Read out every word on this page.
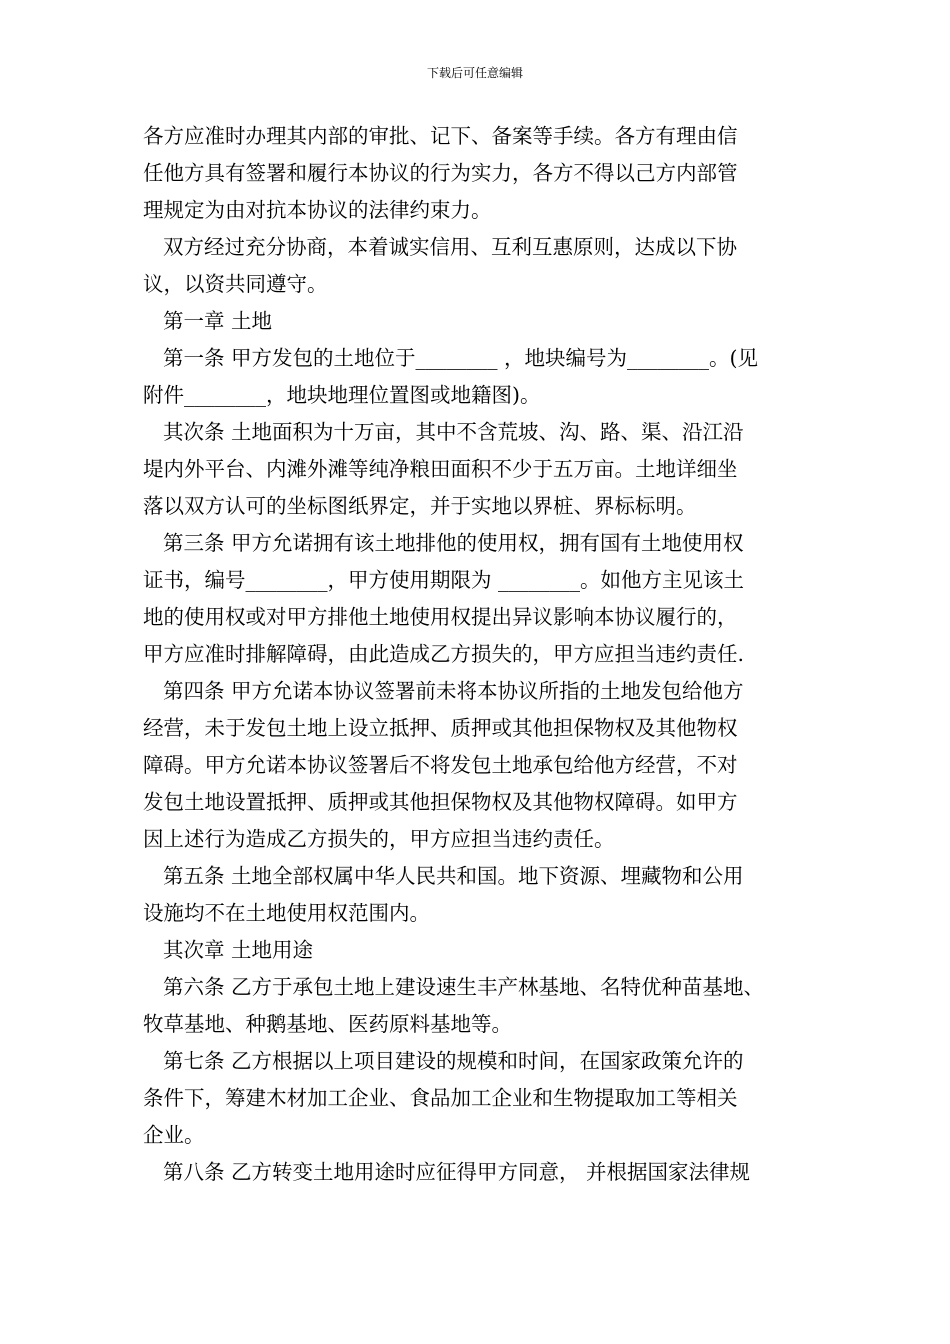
下载后可任意编辑
各方应准时办理其内部的审批、记下、备案等手续。各方有理由信
任他方具有签署和履行本协议的行为实力，各方不得以己方内部管
理规定为由对抗本协议的法律约束力。
双方经过充分协商，本着诚实信用、互利互惠原则，达成以下协
议，以资共同遵守。
第一章 土地
第一条 甲方发包的土地位于________ ，地块编号为________。(见
附件________，地块地理位置图或地籍图)。
其次条 土地面积为十万亩，其中不含荒坡、沟、路、渠、沿江沿
堤内外平台、内滩外滩等纯净粮田面积不少于五万亩。土地详细坐
落以双方认可的坐标图纸界定，并于实地以界桩、界标标明。
第三条 甲方允诺拥有该土地排他的使用权，拥有国有土地使用权
证书，编号________，甲方使用期限为 ________。如他方主见该土
地的使用权或对甲方排他土地使用权提出异议影响本协议履行的，
甲方应准时排解障碍，由此造成乙方损失的，甲方应担当违约责任.
第四条 甲方允诺本协议签署前未将本协议所指的土地发包给他方
经营，未于发包土地上设立抵押、质押或其他担保物权及其他物权
障碍。甲方允诺本协议签署后不将发包土地承包给他方经营，不对
发包土地设置抵押、质押或其他担保物权及其他物权障碍。如甲方
因上述行为造成乙方损失的，甲方应担当违约责任。
第五条 土地全部权属中华人民共和国。地下资源、埋藏物和公用
设施均不在土地使用权范围内。
其次章 土地用途
第六条 乙方于承包土地上建设速生丰产林基地、名特优种苗基地、
牧草基地、种鹅基地、医药原料基地等。
第七条 乙方根据以上项目建设的规模和时间，在国家政策允许的
条件下，筹建木材加工企业、食品加工企业和生物提取加工等相关
企业。
第八条 乙方转变土地用途时应征得甲方同意， 并根据国家法律规
